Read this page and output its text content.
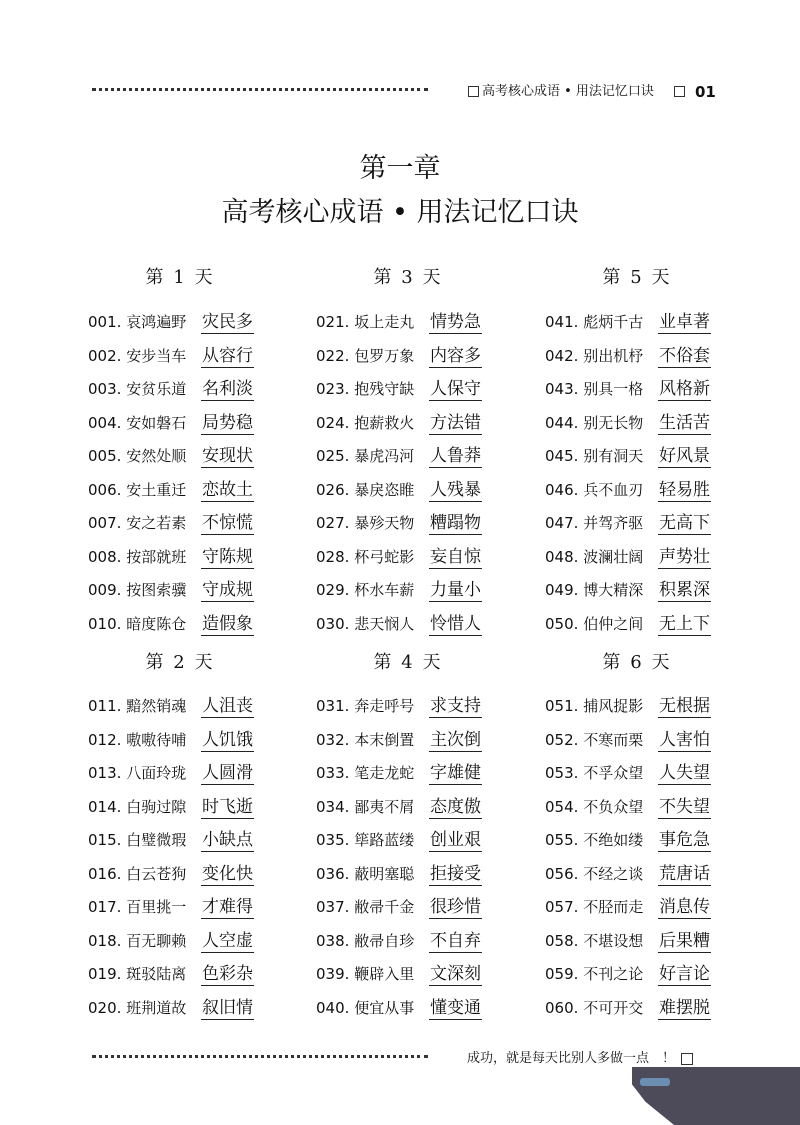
高考核心成语 • 用法记忆口诀	01
第一章
高考核心成语 • 用法记忆口诀
第 1 天
001. 哀鸿遍野 灾民多
002. 安步当车 从容行
003. 安贫乐道 名利淡
004. 安如磐石 局势稳
005. 安然处顺 安现状
006. 安土重迁 恋故土
007. 安之若素 不惊慌
008. 按部就班 守陈规
009. 按图索骥 守成规
010. 暗度陈仓 造假象
第 3 天
021. 坂上走丸 情势急
022. 包罗万象 内容多
023. 抱残守缺 人保守
024. 抱薪救火 方法错
025. 暴虎冯河 人鲁莽
026. 暴戾恣睢 人残暴
027. 暴殄天物 糟蹋物
028. 杯弓蛇影 妄自惊
029. 杯水车薪 力量小
030. 悲天悯人 怜惜人
第 5 天
041. 彪炳千古 业卓著
042. 别出机杼 不俗套
043. 别具一格 风格新
044. 别无长物 生活苦
045. 别有洞天 好风景
046. 兵不血刃 轻易胜
047. 并驾齐驱 无高下
048. 波澜壮阔 声势壮
049. 博大精深 积累深
050. 伯仲之间 无上下
第 2 天
011. 黯然销魂 人沮丧
012. 嗷嗷待哺 人饥饿
013. 八面玲珑 人圆滑
014. 白驹过隙 时飞逝
015. 白璧微瑕 小缺点
016. 白云苍狗 变化快
017. 百里挑一 才难得
018. 百无聊赖 人空虚
019. 斑驳陆离 色彩杂
020. 班荆道故 叙旧情
第 4 天
031. 奔走呼号 求支持
032. 本末倒置 主次倒
033. 笔走龙蛇 字雄健
034. 鄙夷不屑 态度傲
035. 筚路蓝缕 创业艰
036. 蔽明塞聪 拒接受
037. 敝帚千金 很珍惜
038. 敝帚自珍 不自弃
039. 鞭辟入里 文深刻
040. 便宜从事 懂变通
第 6 天
051. 捕风捉影 无根据
052. 不寒而栗 人害怕
053. 不孚众望 人失望
054. 不负众望 不失望
055. 不绝如缕 事危急
056. 不经之谈 荒唐话
057. 不胫而走 消息传
058. 不堪设想 后果糟
059. 不刊之论 好言论
060. 不可开交 难摆脱
成功，就是每天比别人多做一点　！
